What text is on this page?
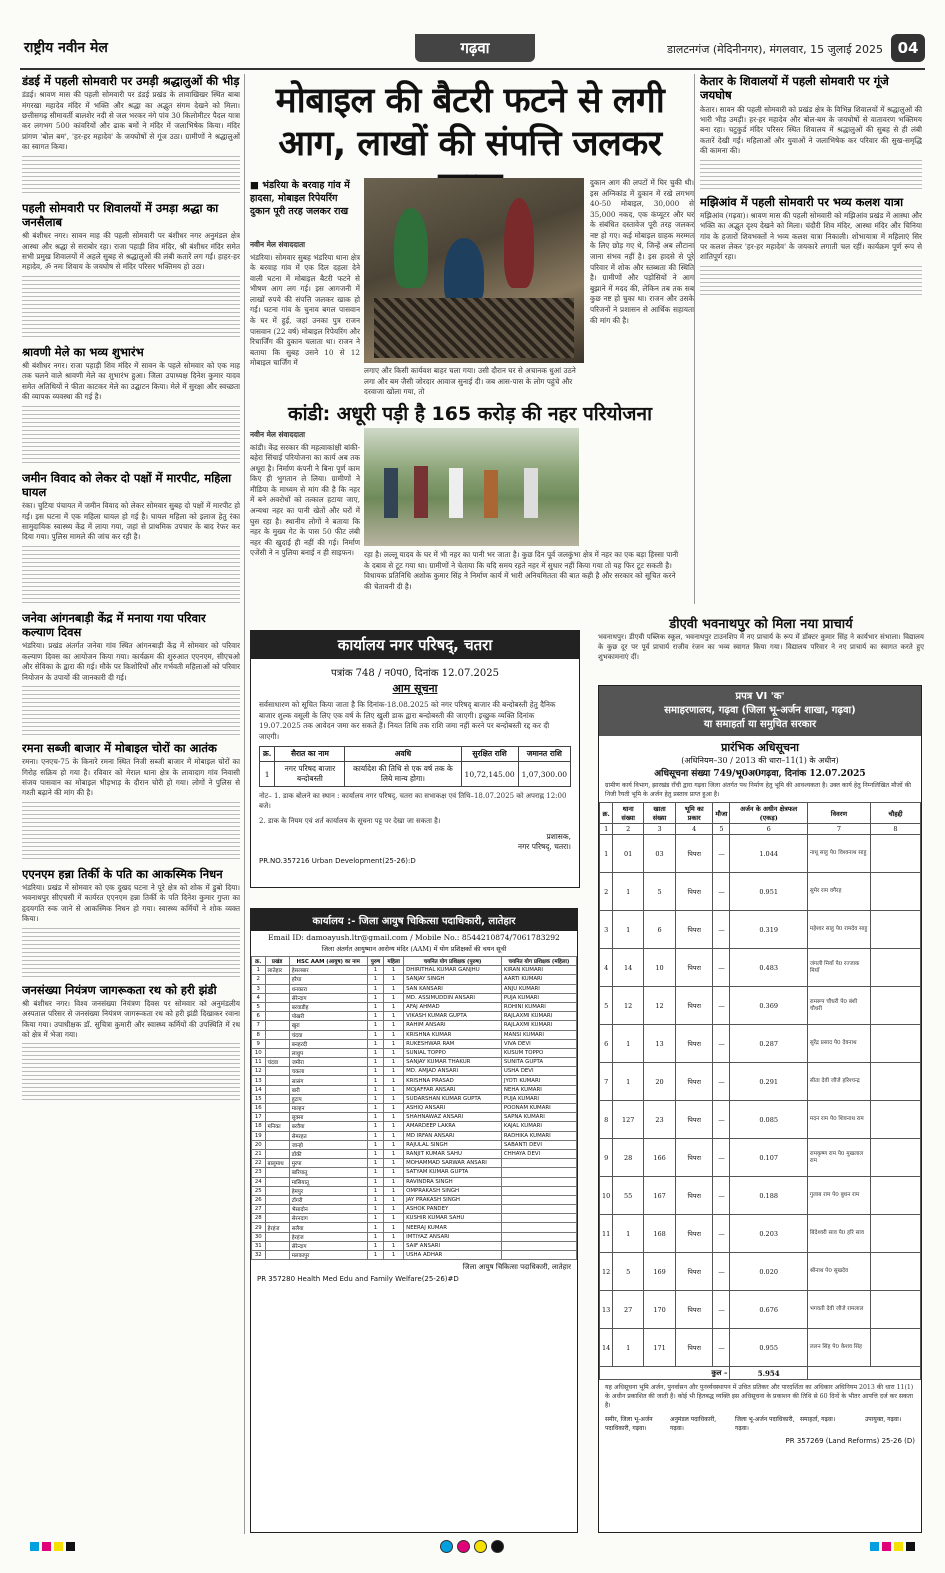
राष्ट्रीय नवीन मेल	गढ़वा	डालटनगंज (मेदिनीनगर), मंगलवार, 15 जुलाई 2025 04
डंडई में पहली सोमवारी पर उमड़ी श्रद्धालुओं की भीड़
डंडई। श्रावण मास की पहली सोमवारी पर डंडई प्रखंड के लावाखिखर स्थित बाबा मंगरखा महादेव मंदिर में भक्ति और श्रद्धा का अद्भुत संगम देखने को मिला। छत्तीसगढ़ सीमावर्ती बालशेर नदी से जल भरकर नंगे पांव 30 किलोमीटर पैदल यात्रा कर लगभग 500 कांवरियों और ढाक बमों ने मंदिर में जलाभिषेक किया। मंदिर प्रांगण 'बोल बम', 'हर-हर महादेव' के जयघोषों से गूंज उठा। ग्रामीणों ने श्रद्धालुओं का स्वागत किया।
पहली सोमवारी पर शिवालयों में उमड़ा श्रद्धा का जनसैलाब
श्री बंशीधर नगर। सावन माह की पहली सोमवारी पर बंशीधर नगर अनुमंडल क्षेत्र आस्था और श्रद्धा से सराबोर रहा। राजा पहाड़ी शिव मंदिर, श्री बंशीधर मंदिर समेत सभी प्रमुख शिवालयों में अहले सुबह से श्रद्धालुओं की लंबी कतारें लग गईं। हाहर-हर महादेव, ॐ नमः शिवाय के जयघोष से मंदिर परिसर भक्तिमय हो उठा।
श्रावणी मेले का भव्य शुभारंभ
श्री बंशीधर नगर। राजा पहाड़ी शिव मंदिर में सावन के पहले सोमवार को एक माह तक चलने वाले श्रावणी मेले का शुभारंभ हुआ। जिला उपाध्यक्ष दिनेश कुमार यादव समेत अतिथियों ने फीता काटकर मेले का उद्घाटन किया। मेले में सुरक्षा और स्वच्छता की व्यापक व्यवस्था की गई है।
जमीन विवाद को लेकर दो पक्षों में मारपीट, महिला घायल
रंका। चुटिया पंचायत में जमीन विवाद को लेकर सोमवार सुबह दो पक्षों में मारपीट हो गई। इस घटना में एक महिला घायल हो गई है। घायल महिला को इलाज हेतु रंका सामुदायिक स्वास्थ्य केंद्र में लाया गया, जहां से प्राथमिक उपचार के बाद रेफर कर दिया गया। पुलिस मामले की जांच कर रही है।
जनेवा आंगनबाड़ी केंद्र में मनाया गया परिवार कल्याण दिवस
भंडरिया। प्रखंड अंतर्गत जनेवा गांव स्थित आंगनबाड़ी केंद्र में सोमवार को परिवार कल्याण दिवस का आयोजन किया गया। कार्यक्रम की शुरुआत एएनएम, सीएचओ और सेविका के द्वारा की गई। मौके पर किशोरियों और गर्भवती महिलाओं को परिवार नियोजन के उपायों की जानकारी दी गई।
रमना सब्जी बाजार में मोबाइल चोरों का आतंक
रमना। एनएच-75 के किनारे रमना स्थित निजी सब्जी बाजार में मोबाइल चोरों का गिरोह सक्रिय हो गया है। रविवार को मेराल थाना क्षेत्र के लावादाग गांव निवासी संजय पासवान का मोबाइल भीड़भाड़ के दौरान चोरी हो गया। लोगों ने पुलिस से गश्ती बढ़ाने की मांग की है।
एएनएम हन्ना तिर्की के पति का आकस्मिक निधन
भंडरिया। प्रखंड में सोमवार को एक दुखद घटना ने पूरे क्षेत्र को शोक में डुबो दिया। भवनाथपुर सीएचसी में कार्यरत एएनएम हन्ना तिर्की के पति दिनेश कुमार गुप्ता का हृदयगति रुक जाने से आकस्मिक निधन हो गया। स्वास्थ्य कर्मियों ने शोक व्यक्त किया।
जनसंख्या नियंत्रण जागरूकता रथ को हरी झंडी
श्री बंशीधर नगर। विश्व जनसंख्या नियंत्रण दिवस पर सोमवार को अनुमंडलीय अस्पताल परिसर से जनसंख्या नियंत्रण जागरूकता रथ को हरी झंडी दिखाकर रवाना किया गया। उपाधीक्षक डॉ. सुचित्रा कुमारी और स्वास्थ्य कर्मियों की उपस्थिति में रथ को क्षेत्र में भेजा गया।
मोबाइल की बैटरी फटने से लगी आग, लाखों की संपत्ति जलकर
■ भंडरिया के बरवाह गांव में हादसा, मोबाइल रिपेयरिंग दुकान पूरी तरह जलकर राख
नवीन मेल संवाददाता
भंडरिया। सोमवार सुबह भंडरिया थाना क्षेत्र के बरवाह गांव में एक दिल दहला देने वाली घटना में मोबाइल बैटरी फटने से भीषण आग लग गई। इस आगजनी में लाखों रुपये की संपत्ति जलकर खाक हो गई। घटना गांव के चुनाव बगल पासवान के घर में हुई, जहां उनका पुत्र राजन पासवान (22 वर्ष) मोबाइल रिपेयरिंग और रिचार्जिंग की दुकान चलाता था। राजन ने बताया कि सुबह उसने 10 से 12 मोबाइल चार्जिंग में
लगाए और किसी कार्यवश बाहर चला गया। उसी दौरान घर से अचानक धुआं उठने लगा और बम जैसी जोरदार आवाज सुनाई दी। जब आस-पास के लोग पहुंचे और दरवाजा खोला गया, तो
दुकान आग की लपटों में घिर चुकी थी। इस अग्निकांड में दुकान में रखे लगभग 40-50 मोबाइल, 30,000 से 35,000 नकद, एक कंप्यूटर और घर के संबंधित दस्तावेज पूरी तरह जलकर नष्ट हो गए। कई मोबाइल ग्राहक मरम्मत के लिए छोड़ गए थे, जिन्हें अब लौटाना जाना संभव नहीं है। इस हादसे से पूरे परिवार में शोक और स्तब्धता की स्थिति है। ग्रामीणों और पड़ोसियों ने आग बुझाने में मदद की, लेकिन तब तक सब कुछ नष्ट हो चुका था। राजन और उसके परिजनों ने प्रशासन से आर्थिक सहायता की मांग की है।
केतार के शिवालयों में पहली सोमवारी पर गूंजे जयघोष
केतार। सावन की पहली सोमवारी को प्रखंड क्षेत्र के विभिन्न शिवालयों में श्रद्धालुओं की भारी भीड़ उमड़ी। हर-हर महादेव और बोल-बम के जयघोषों से वातावरण भक्तिमय बना रहा। चटुकुर्ड मंदिर परिसर स्थित शिवालय में श्रद्धालुओं की सुबह से ही लंबी कतारें देखी गईं। महिलाओं और युवाओं ने जलाभिषेक कर परिवार की सुख-समृद्धि की कामना की।
मझिआंव में पहली सोमवारी पर भव्य कलश यात्रा
मझिआंव (गढ़वा)। श्रावण मास की पहली सोमवारी को मझिआंव प्रखंड में आस्था और भक्ति का अद्भुत दृश्य देखने को मिला। चंदौरी शिव मंदिर, आस्था मंदिर और चिनिया गांव के हजारों शिवभक्तों ने भव्य कलश यात्रा निकाली। शोभायात्रा में महिलाएं सिर पर कलश लेकर 'हर-हर महादेव' के जयकारे लगाती चल रहीं। कार्यक्रम पूर्ण रूप से शांतिपूर्ण रहा।
कांडी: अधूरी पड़ी है 165 करोड़ की नहर परियोजना
नवीन मेल संवाददाता
कांडी। केंद्र सरकार की महत्वाकांक्षी बांकी-बहेरा सिंचाई परियोजना का कार्य अब तक अधूरा है। निर्माण कंपनी ने बिना पूर्ण काम किए ही भुगतान ले लिया। ग्रामीणों ने मीडिया के माध्यम से मांग की है कि नहर में बने अवरोधों को तत्काल हटाया जाए, अन्यथा नहर का पानी खेतों और घरों में घुस रहा है। स्थानीय लोगों ने बताया कि नहर के मुख्य गेट के पास 50 फीट लंबी नहर की खुदाई ही नहीं की गई। निर्माण एजेंसी ने न पुलिया बनाई न ही साइफन।	रहा है। लल्लू यादव के घर में भी नहर का पानी भर जाता है। कुछ दिन पूर्व जलकुंभा क्षेत्र में नहर का एक बड़ा हिस्सा पानी के दबाव से टूट गया था। ग्रामीणों ने चेताया कि यदि समय रहते नहर में सुधार नहीं किया गया तो यह फिर टूट सकती है। विधायक प्रतिनिधि अशोक कुमार सिंह ने निर्माण कार्य में भारी अनियमितता की बात कही है और सरकार को सूचित करने की चेतावनी दी है।
कार्यालय नगर परिषद्, चतरा
पत्रांक 748 / न0प0, दिनांक 12.07.2025
आम सूचना
सर्वसाधारण को सूचित किया जाता है कि दिनांक-18.08.2025 को नगर परिषद् बाजार की बन्दोबस्ती हेतु दैनिक बाजार शुल्क वसूली के लिए एक वर्ष के लिए खुली डाक द्वारा बन्दोबस्ती की जाएगी। इच्छुक व्यक्ति दिनांक 19.07.2025 तक आवेदन जमा कर सकते हैं। नियत तिथि तक राशि जमा नहीं करने पर बन्दोबस्ती रद्द कर दी जाएगी।
क्र.	सैरात का नाम	अवधि	सुरक्षित राशि	जमानत राशि
1	नगर परिषद बाजार बन्दोबस्ती	कार्यादेश की तिथि से एक वर्ष तक के लिये मान्य होगा।	10,72,145.00	1,07,300.00
नोट– 1. डाक बोलने का स्थान : कार्यालय नगर परिषद्, चतरा का सभाकक्ष एवं तिथि–18.07.2025 को अपराह्न 12:00 बजे।
2. डाक के नियम एवं शर्त कार्यालय के सूचना पट्ट पर देखा जा सकता है।
प्रशासक,
नगर परिषद्, चतरा।
PR.NO.357216 Urban Development(25-26):D
डीएवी भवनाथपुर को मिला नया प्राचार्य
भवनाथपुर। डीएवी पब्लिक स्कूल, भवनाथपुर टाउनशिप में नए प्राचार्य के रूप में डॉक्टर कुमार सिंह ने कार्यभार संभाला। विद्यालय के कुछ दूर पर पूर्व प्राचार्य राजीव रंजन का भव्य स्वागत किया गया। विद्यालय परिवार ने नए प्राचार्य का स्वागत करते हुए शुभकामनाएं दीं।
प्रपत्र VI 'क'
समाहरणालय, गढ़वा (जिला भू-अर्जन शाखा, गढ़वा)
या समाहर्ता या समुचित सरकार
प्रारंभिक अधिसूचना
(अधिनियम–30 / 2013 की धारा–11(1) के अधीन)
अधिसूचना संख्या 749/भू0अ0गढ़वा, दिनांक 12.07.2025
ग्रामीण कार्य विभाग, झारखंड राँची द्वारा गढ़वा जिला अंतर्गत पथ निर्माण हेतु भूमि की आवश्यकता है। उक्त कार्य हेतु निम्नलिखित मौजों की निजी रैयती भूमि के अर्जन हेतु प्रस्ताव प्राप्त हुआ है।
क्र.	थाना संख्या	खाता संख्या	भूमि का प्रकार	मौजा	अर्जन के अधीन क्षेत्रफल (एकड़)	विवरण	चौहद्दी
1	2	3	4	5	6	7	8
1	01	03	पिपरा	—	1.044	नाथू साहु पे0 विश्वनाथ साहु	
2	1	5	पिपरा	—	0.951	सुमेर राम वगैरह	
3	1	6	पिपरा	—	0.319	महेश्वर साहु पे0 रामदेव साहु	
4	14	10	पिपरा	—	0.483	जंगली मियाँ पे0 रज्जाक मियाँ	
5	12	12	पिपरा	—	0.369	रामरूप चौधरी पे0 बंशी चौधरी	
6	1	13	पिपरा	—	0.287	सुरेंद्र प्रसाद पे0 देवनाथ	
7	1	20	पिपरा	—	0.291	सीता देवी जौजे हरिश्चन्द्र	
8	127	23	पिपरा	—	0.085	मदन राम पे0 शिवनाथ राम	
9	28	166	पिपरा	—	0.107	रामकृष्ण राम पे0 मुखलाल राम	
10	55	167	पिपरा	—	0.188	गुलाब राम पे0 बुधन राम	
11	1	168	पिपरा	—	0.203	बिंदेश्वरी साव पे0 हरि साव	
12	5	169	पिपरा	—	0.020	श्रीनाथ पे0 सुखदेव	
13	27	170	पिपरा	—	0.676	भगवती देवी जौजे रामलाल	
14	1	171	पिपरा	—	0.955	ललन सिंह पे0 केशव सिंह	
कुल –					5.954		
यह अधिसूचना भूमि अर्जन, पुनर्वासन और पुनर्व्यवस्थापन में उचित प्रतिकर और पारदर्शिता का अधिकार अधिनियम 2013 की धारा 11(1) के अधीन प्रकाशित की जाती है। कोई भी हितबद्ध व्यक्ति इस अधिसूचना के प्रकाशन की तिथि से 60 दिनों के भीतर आपत्ति दर्ज कर सकता है।
समीर, जिला भू-अर्जन पदाधिकारी, गढ़वा।
अनुमंडल पदाधिकारी, गढ़वा।
जिला भू-अर्जन पदाधिकारी, गढ़वा।
समाहर्ता, गढ़वा।	उपायुक्त, गढ़वा।
PR 357269 (Land Reforms) 25-26 (D)
कार्यालय :- जिला आयुष चिकित्सा पदाधिकारी, लातेहार
Email ID: damoayush.ltr@gmail.com / Mobile No.: 8544210874/7061783292
जिला अंतर्गत आयुष्मान आरोग्य मंदिर (AAM) में योग प्रशिक्षकों की चयन सूची
क्र.	प्रखंड	HSC AAM (आयुष) का नाम	पुरुष	महिला	चयनित योग प्रशिक्षक (पुरुष)	चयनित योग प्रशिक्षक (महिला)
1	लातेहार	हेसलबार	1	1	DHIRITHAL KUMAR GANJHU	KIRAN KUMARI
2		हरैया	1	1	SANJAY SINGH	AARTI KUMARI
3		धनकारा	1	1	SAN KANSARI	ANJU KUMARI
4		सेरेन्दाग	1	1	MD. ASSIMUDDIN ANSARI	PUJA KUMARI
5		बरवाडीह	1	1	AFAJ AHMAD	ROHINI KUMARI
6		पोखरी	1	1	VIKASH KUMAR GUPTA	RAJLAXMI KUMARI
7		खुरा	1	1	RAHIM ANSARI	RAJLAXMI KUMARI
8		चंदवा	1	1	KRISHNA KUMAR	MANSI KUMARI
9		बनहरदी	1	1	RUKESHWAR RAM	VIVA DEVI
10		लाधुप	1	1	SUNIAL TOPPO	KUSUM TOPPO
11	चंदवा	जमीरा	1	1	SANJAY KUMAR THAKUR	SUNITA GUPTA
12		चकला	1	1	MD. AMJAD ANSARI	USHA DEVI
13		सासंग	1	1	KRISHNA PRASAD	JYOTI KUMARI
14		बारी	1	1	MOJAFFAR ANSARI	NEHA KUMARI
15		हुटाप	1	1	SUDARSHAN KUMAR GUPTA	PUJA KUMARI
16		माल्हन	1	1	ASHIQ ANSARI	POONAM KUMARI
17		लुक्सा	1	1	SHAHNAWAZ ANSARI	SAPNA KUMARI
18	मनिका	बरवैया	1	1	AMARDEEP LAKRA	KAJAL KUMARI
19		सेमरहत	1	1	MD IRFAN ANSARI	RADHIKA KUMARI
20		जान्हो	1	1	RAJULAL SINGH	SABANTI DEVI
21		डोंकी	1	1	RANJIT KUMAR SAHU	CHHAYA DEVI
22	बालूमाथ	मुरपा	1	1	MOHAMMAD SARWAR ANSARI	
23		बारियातू	1	1	SATYAM KUMAR GUPTA	
24		मासियातू	1	1	RAVINDRA SINGH	
25		हेमपुर	1	1	OMPRAKASH SINGH	
26		टोंगरी	1	1	JAY PRAKASH SINGH	
27		भैसादोन	1	1	ASHOK PANDEY	
28		सेरनदाग	1	1	KUSHIR KUMAR SAHU	
29	हेरहंज	सलैया	1	1	NEERAJ KUMAR	
30		हेरहंज	1	1	IMTIYAZ ANSARI	
31		सेरेन्दाग	1	1	SAIF ANSARI	
32		मलकापुर	1	1	USHA ADHAR	
जिला आयुष चिकित्सा पदाधिकारी, लातेहार
PR 357280 Health Med Edu and Family Welfare(25-26)#D
